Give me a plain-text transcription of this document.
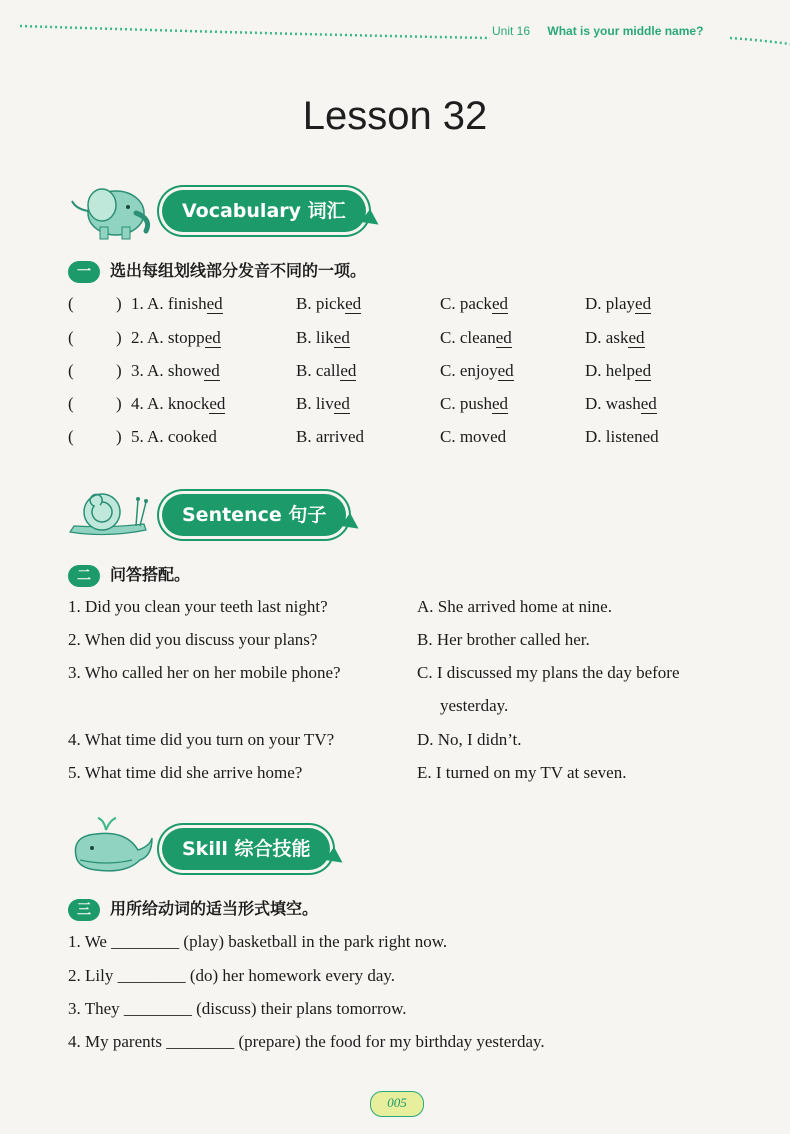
Unit 16 What is your middle name?
Lesson 32
Vocabulary 词汇
一 选出每组划线部分发音不同的一项。
( ) 1. A. finished	B. picked	C. packed	D. played
( ) 2. A. stopped	B. liked	C. cleaned	D. asked
( ) 3. A. showed	B. called	C. enjoyed	D. helped
( ) 4. A. knocked	B. lived	C. pushed	D. washed
( ) 5. A. cooked	B. arrived	C. moved	D. listened
Sentence 句子
二 问答搭配。
1. Did you clean your teeth last night?	A. She arrived home at nine.
2. When did you discuss your plans?	B. Her brother called her.
3. Who called her on her mobile phone?	C. I discussed my plans the day before
yesterday.
4. What time did you turn on your TV?	D. No, I didn’t.
5. What time did she arrive home?	E. I turned on my TV at seven.
Skill 综合技能
三 用所给动词的适当形式填空。
1. We ________ (play) basketball in the park right now.
2. Lily ________ (do) her homework every day.
3. They ________ (discuss) their plans tomorrow.
4. My parents ________ (prepare) the food for my birthday yesterday.
005
